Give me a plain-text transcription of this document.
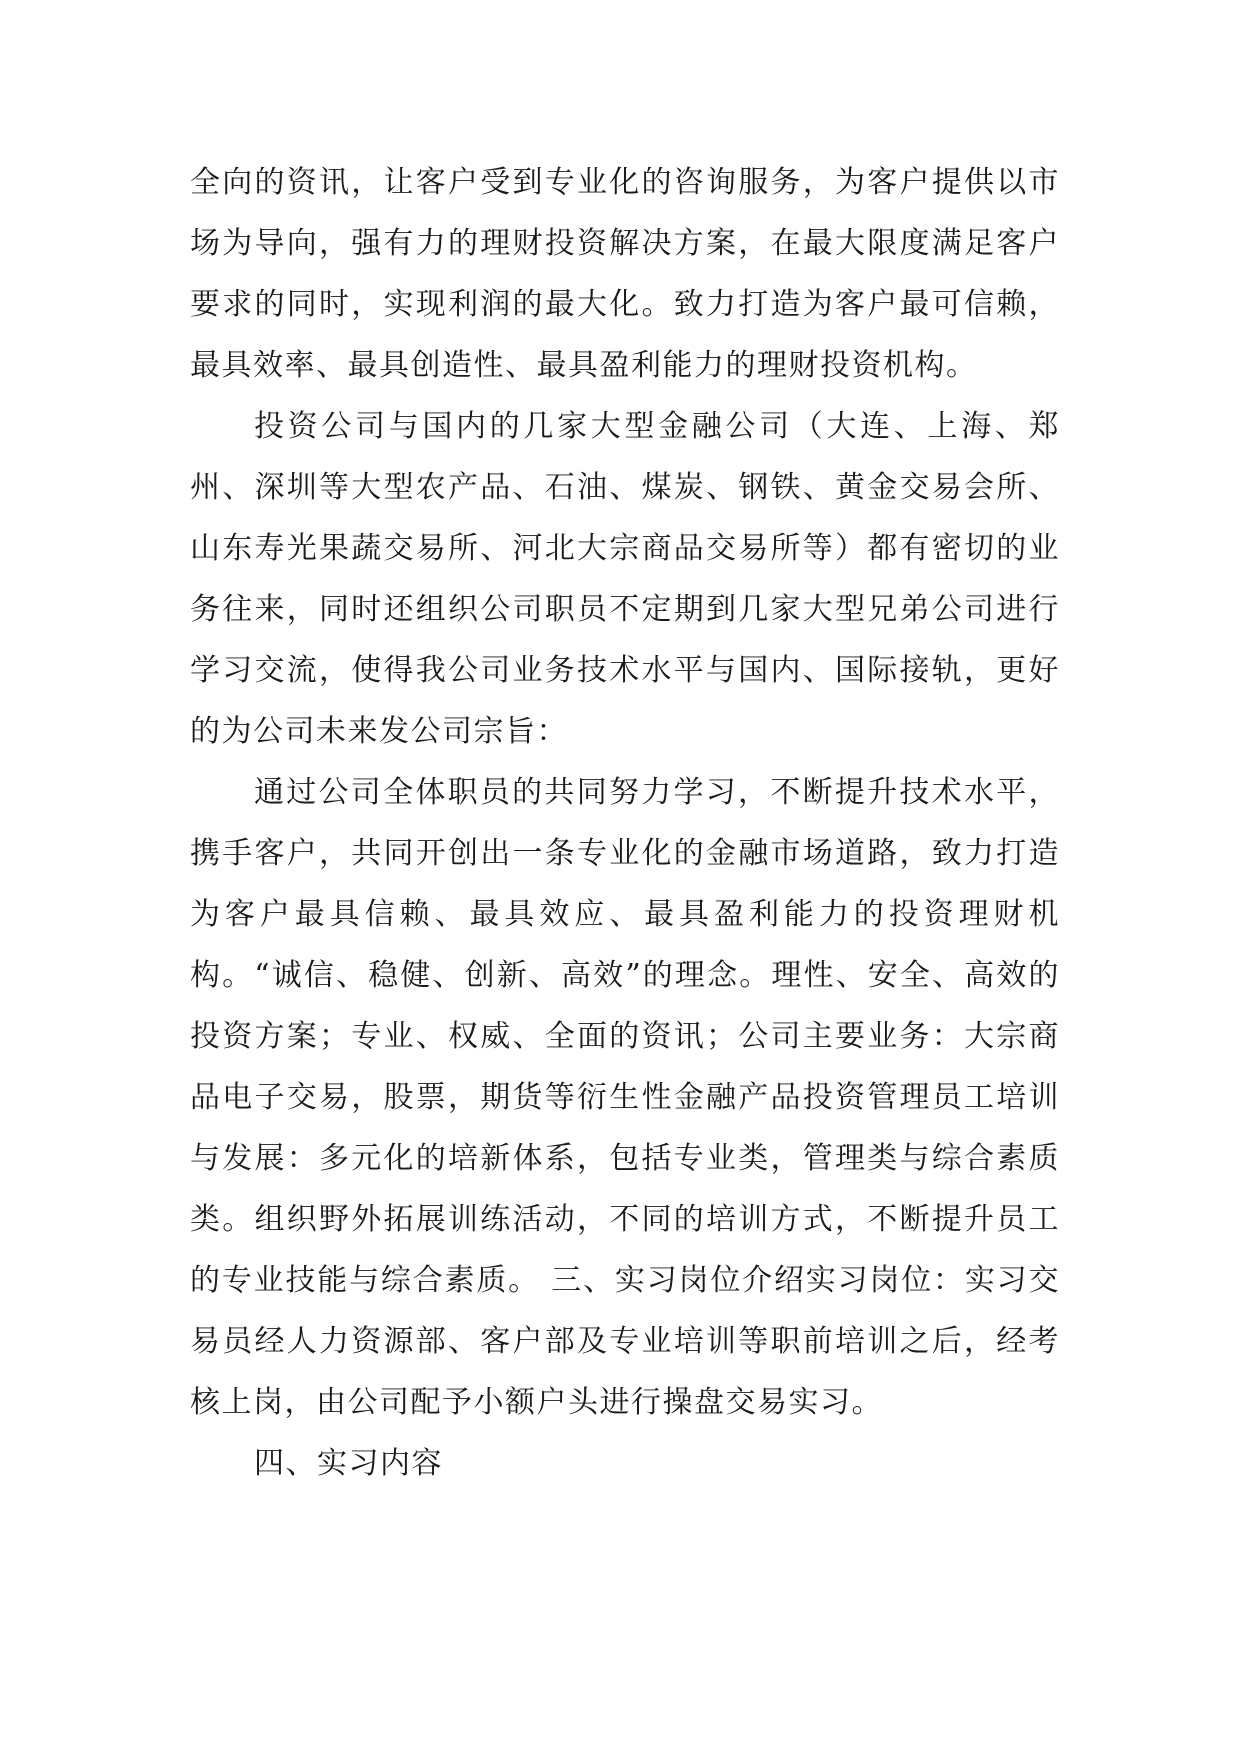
全向的资讯，让客户受到专业化的咨询服务，为客户提供以市场为导向，强有力的理财投资解决方案，在最大限度满足客户要求的同时，实现利润的最大化。致力打造为客户最可信赖，最具效率、最具创造性、最具盈利能力的理财投资机构。

投资公司与国内的几家大型金融公司（大连、上海、郑州、深圳等大型农产品、石油、煤炭、钢铁、黄金交易会所、山东寿光果蔬交易所、河北大宗商品交易所等）都有密切的业务往来，同时还组织公司职员不定期到几家大型兄弟公司进行学习交流，使得我公司业务技术水平与国内、国际接轨，更好的为公司未来发公司宗旨：

通过公司全体职员的共同努力学习，不断提升技术水平，携手客户，共同开创出一条专业化的金融市场道路，致力打造为客户最具信赖、最具效应、最具盈利能力的投资理财机构。“诚信、稳健、创新、高效”的理念。理性、安全、高效的投资方案；专业、权威、全面的资讯；公司主要业务：大宗商品电子交易，股票，期货等衍生性金融产品投资管理员工培训与发展：多元化的培新体系，包括专业类，管理类与综合素质类。组织野外拓展训练活动，不同的培训方式，不断提升员工的专业技能与综合素质。 三、实习岗位介绍实习岗位：实习交易员经人力资源部、客户部及专业培训等职前培训之后，经考核上岗，由公司配予小额户头进行操盘交易实习。

四、实习内容
